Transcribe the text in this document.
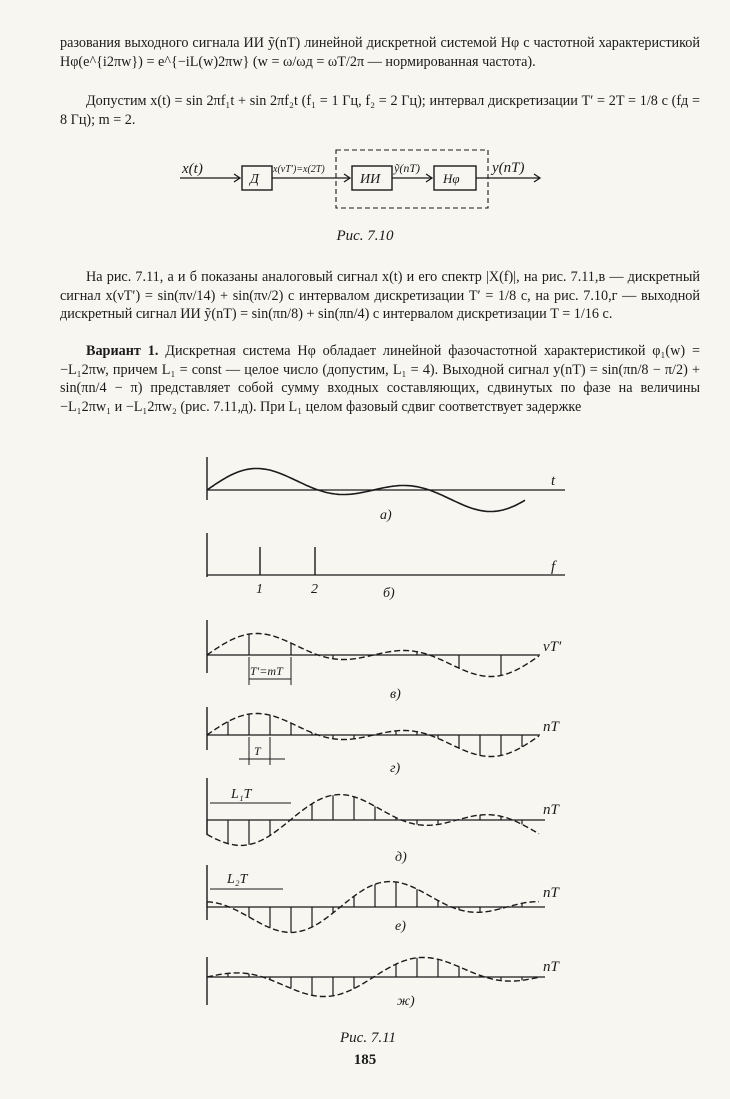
разования выходного сигнала ИИ ỹ(nT) линейной дискретной системой Hφ с частотной характеристикой Hφ(e^{i2πw}) = e^{−iL(w)2πw} (w = ω/ωд = ωT/2π — нормированная частота).

Допустим x(t) = sin 2πf₁t + sin 2πf₂t (f₁ = 1 Гц, f₂ = 2 Гц); интервал дискретизации T′ = 2T = 1/8 с (fд = 8 Гц); m = 2.

x(t)
Д
x(νT′)=x(2T)
ИИ
ỹ(nT)
Hφ
y(nT)
Рис. 7.10

На рис. 7.11, а и б показаны аналоговый сигнал x(t) и его спектр |X(f)|, на рис. 7.11,в — дискретный сигнал x(νT′) = sin(πν/14) + sin(πν/2) с интервалом дискретизации T′ = 1/8 с, на рис. 7.10,г — выходной дискретный сигнал ИИ ỹ(nT) = sin(πn/8) + sin(πn/4) с интервалом дискретизации T = 1/16 с.

Вариант 1. Дискретная система Hφ обладает линейной фазочастотной характеристикой φ₁(w) = −L₁2πw, причем L₁ = const — целое число (допустим, L₁ = 4). Выходной сигнал y(nT) = sin(πn/8 − π/2) + sin(πn/4 − π) представляет собой сумму входных составляющих, сдвинутых по фазе на величины −L₁2πw₁ и −L₁2πw₂ (рис. 7.11,д). При L₁ целом фазовый сдвиг соответствует задержке

t
а)
1	2
f
б)
νT′
T′=mT
в)
nT
T
г)
L₁T
nT
д)
L₂T
nT
е)
nT
ж)
Рис. 7.11
185
